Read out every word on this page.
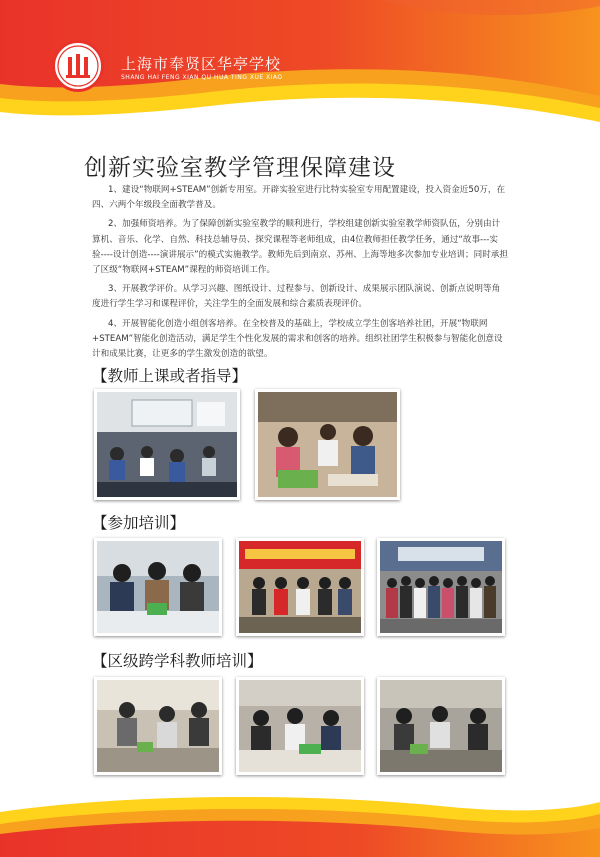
上海市奉贤区华亭学校
SHANG HAI FENG XIAN QU HUA TING XUE XIAO
创新实验室教学管理保障建设

1、建设“物联网+STEAM”创新专用室。开辟实验室进行比特实验室专用配置建设，投入资金近50万，在四、六两个年级段全面教学普及。

2、加强师资培养。为了保障创新实验室教学的顺利进行，学校组建创新实验室教学师资队伍，分别由计算机、音乐、化学、自然、科技总辅导员、探究课程等老师组成，由4位教师担任教学任务，通过“故事---实验----设计创造----演讲展示”的模式实施教学。教师先后到南京、苏州、上海等地多次参加专业培训；同时承担了区级“物联网+STEAM”课程的师资培训工作。

3、开展教学评价。从学习兴趣、图纸设计、过程参与、创新设计、成果展示团队演说、创新点说明等角度进行学生学习和课程评价，关注学生的全面发展和综合素质表现评价。

4、开展智能化创造小组创客培养。在全校普及的基础上，学校成立学生创客培养社团，开展“物联网+STEAM”智能化创造活动，满足学生个性化发展的需求和创客的培养。组织社团学生积极参与智能化创意设计和成果比赛，让更多的学生激发创造的欲望。

【教师上课或者指导】
【参加培训】
【区级跨学科教师培训】
